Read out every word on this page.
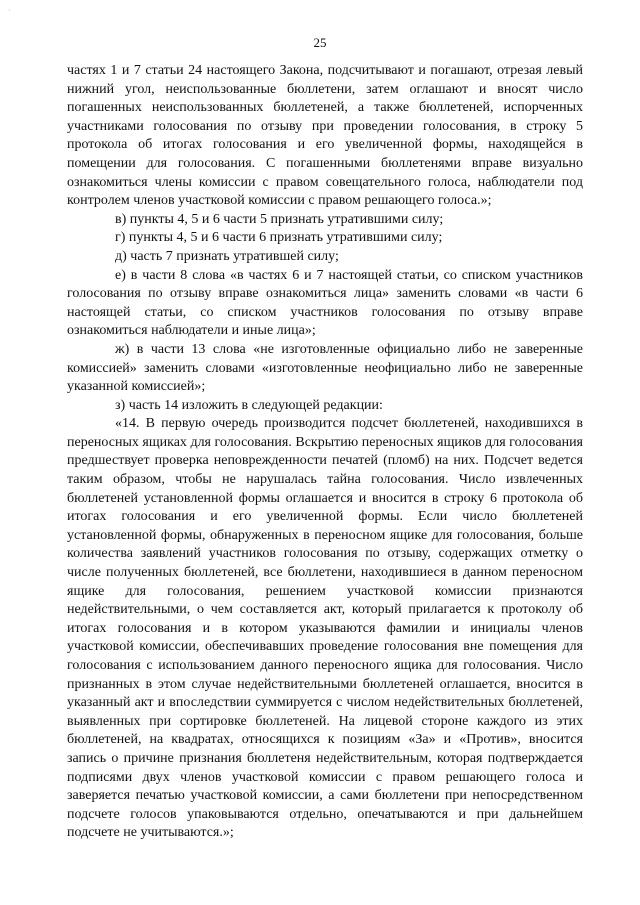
·
25

частях 1 и 7 статьи 24 настоящего Закона, подсчитывают и погашают, отрезая левый нижний угол, неиспользованные бюллетени, затем оглашают и вносят число погашенных неиспользованных бюллетеней, а также бюллетеней, испорченных участниками голосования по отзыву при проведении голосования, в строку 5 протокола об итогах голосования и его увеличенной формы, находящейся в помещении для голосования. С погашенными бюллетенями вправе визуально ознакомиться члены комиссии с правом совещательного голоса, наблюдатели под контролем членов участковой комиссии с правом решающего голоса.»;

в) пункты 4, 5 и 6 части 5 признать утратившими силу;

г) пункты 4, 5 и 6 части 6 признать утратившими силу;

д) часть 7 признать утратившей силу;

е) в части 8 слова «в частях 6 и 7 настоящей статьи, со списком участников голосования по отзыву вправе ознакомиться лица» заменить словами «в части 6 настоящей статьи, со списком участников голосования по отзыву вправе ознакомиться наблюдатели и иные лица»;

ж) в части 13 слова «не изготовленные официально либо не заверенные комиссией» заменить словами «изготовленные неофициально либо не заверенные указанной комиссией»;

з) часть 14 изложить в следующей редакции:

«14. В первую очередь производится подсчет бюллетеней, находившихся в переносных ящиках для голосования. Вскрытию переносных ящиков для голосования предшествует проверка неповрежденности печатей (пломб) на них. Подсчет ведется таким образом, чтобы не нарушалась тайна голосования. Число извлеченных бюллетеней установленной формы оглашается и вносится в строку 6 протокола об итогах голосования и его увеличенной формы. Если число бюллетеней установленной формы, обнаруженных в переносном ящике для голосования, больше количества заявлений участников голосования по отзыву, содержащих отметку о числе полученных бюллетеней, все бюллетени, находившиеся в данном переносном ящике для голосования, решением участковой комиссии признаются недействительными, о чем составляется акт, который прилагается к протоколу об итогах голосования и в котором указываются фамилии и инициалы членов участковой комиссии, обеспечивавших проведение голосования вне помещения для голосования с использованием данного переносного ящика для голосования. Число признанных в этом случае недействительными бюллетеней оглашается, вносится в указанный акт и впоследствии суммируется с числом недействительных бюллетеней, выявленных при сортировке бюллетеней. На лицевой стороне каждого из этих бюллетеней, на квадратах, относящихся к позициям «За» и «Против», вносится запись о причине признания бюллетеня недействительным, которая подтверждается подписями двух членов участковой комиссии с правом решающего голоса и заверяется печатью участковой комиссии, а сами бюллетени при непосредственном подсчете голосов упаковываются отдельно, опечатываются и при дальнейшем подсчете не учитываются.»;
